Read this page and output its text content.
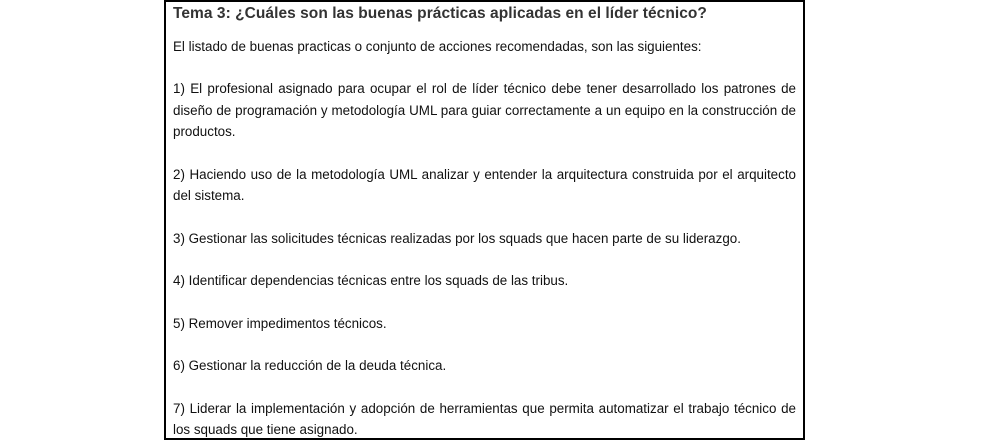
Tema 3: ¿Cuáles son las buenas prácticas aplicadas en el líder técnico?

El listado de buenas practicas o conjunto de acciones recomendadas, son las siguientes:

1) El profesional asignado para ocupar el rol de líder técnico debe tener desarrollado los patrones de diseño de programación y metodología UML para guiar correctamente a un equipo en la construcción de productos.

2) Haciendo uso de la metodología UML analizar y entender la arquitectura construida por el arquitecto del sistema.

3) Gestionar las solicitudes técnicas realizadas por los squads que hacen parte de su liderazgo.

4) Identificar dependencias técnicas entre los squads de las tribus.

5) Remover impedimentos técnicos.

6) Gestionar la reducción de la deuda técnica.

7) Liderar la implementación y adopción de herramientas que permita automatizar el trabajo técnico de los squads que tiene asignado.
